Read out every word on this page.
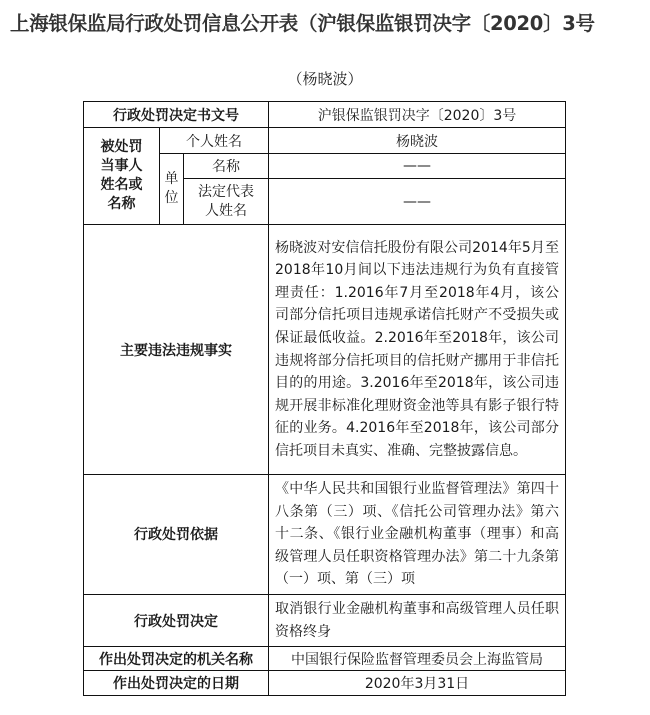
上海银保监局行政处罚信息公开表（沪银保监银罚决字〔2020〕3号
（杨晓波）
行政处罚决定书文号			沪银保监银罚决字〔2020〕3号
被处罚当事人姓名或名称	个人姓名		杨晓波
	单位	名称	——
		法定代表人姓名	——
主要违法违规事实			杨晓波对安信信托股份有限公司2014年5月至2018年10月间以下违法违规行为负有直接管理责任：1.2016年7月至2018年4月，该公司部分信托项目违规承诺信托财产不受损失或保证最低收益。2.2016年至2018年，该公司违规将部分信托项目的信托财产挪用于非信托目的的用途。3.2016年至2018年，该公司违规开展非标准化理财资金池等具有影子银行特征的业务。4.2016年至2018年，该公司部分信托项目未真实、准确、完整披露信息。
行政处罚依据			《中华人民共和国银行业监督管理法》第四十八条第（三）项、《信托公司管理办法》第六十二条、《银行业金融机构董事（理事）和高级管理人员任职资格管理办法》第二十九条第（一）项、第（三）项
行政处罚决定			取消银行业金融机构董事和高级管理人员任职资格终身
作出处罚决定的机关名称			中国银行保险监督管理委员会上海监管局
作出处罚决定的日期			2020年3月31日
